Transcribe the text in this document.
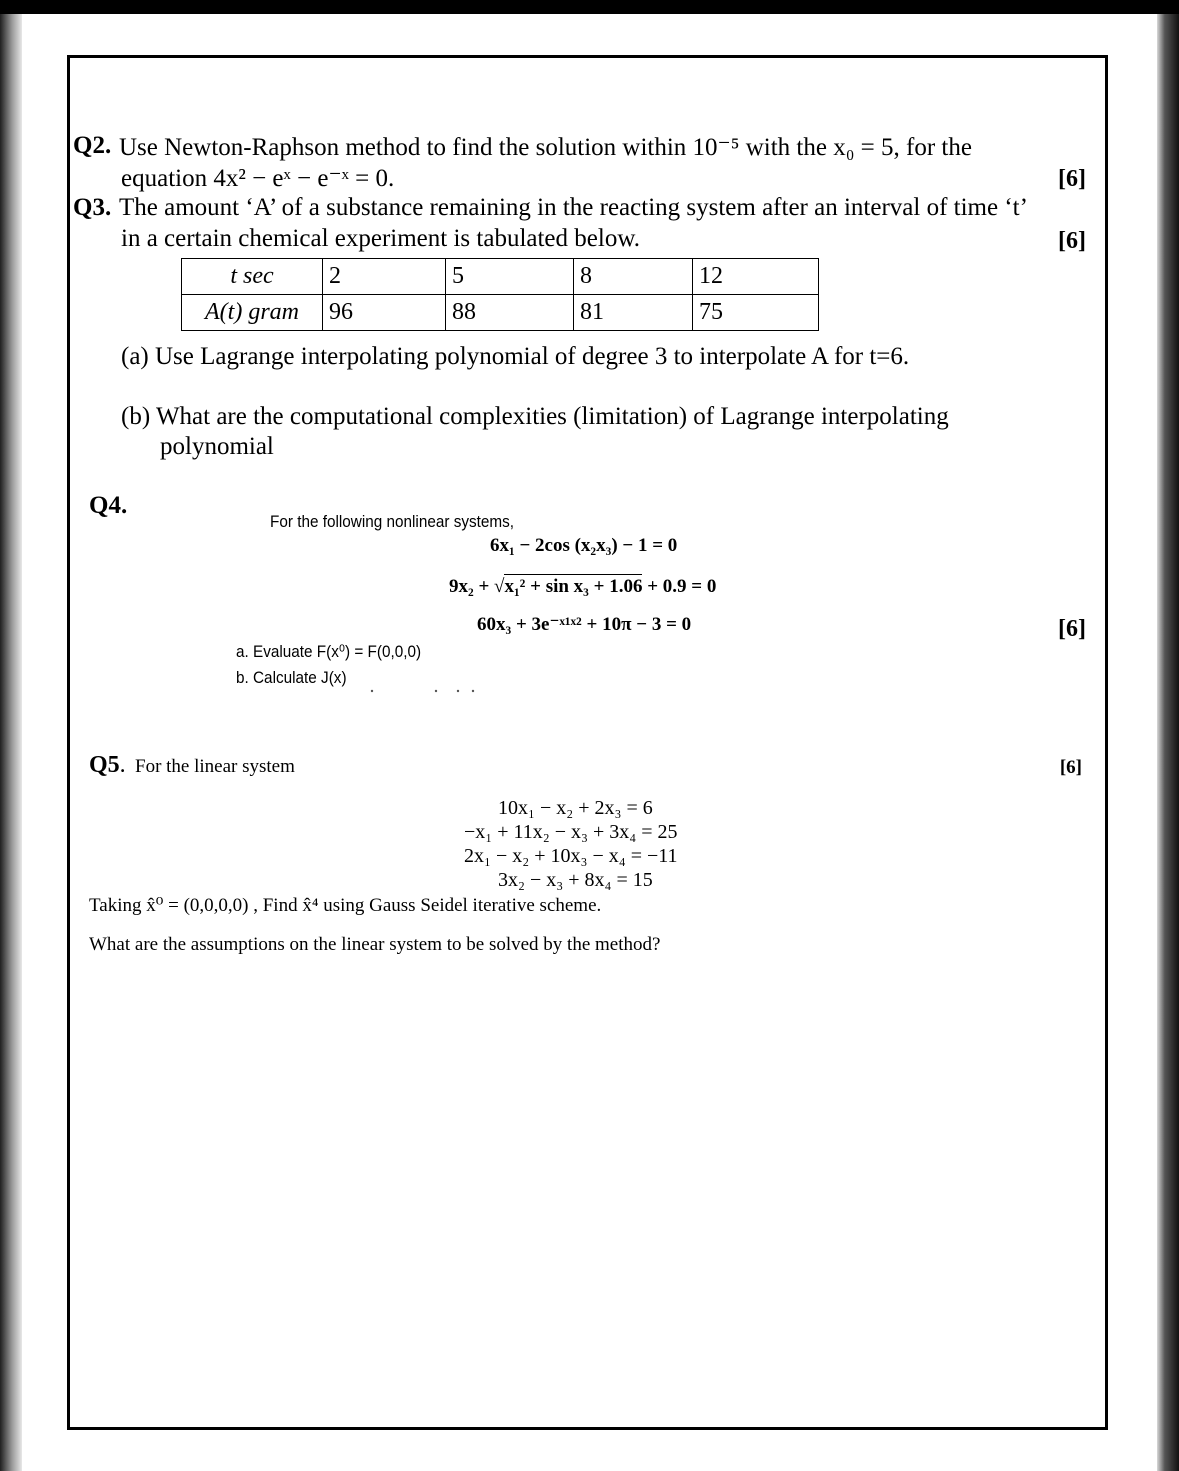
Q2. Use Newton-Raphson method to find the solution within 10⁻⁵ with the x₀ = 5, for the
equation 4x² − eˣ − e⁻ˣ = 0.	[6]
Q3. The amount ‘A’ of a substance remaining in the reacting system after an interval of time ‘t’
in a certain chemical experiment is tabulated below.	[6]
t sec	2	5	8	12
A(t) gram	96	88	81	75
(a) Use Lagrange interpolating polynomial of degree 3 to interpolate A for t=6.
(b) What are the computational complexities (limitation) of Lagrange interpolating
polynomial
Q4.
For the following nonlinear systems,
6x₁ − 2cos (x₂x₃) − 1 = 0
9x₂ + √x₁² + sin x₃ + 1.06 + 0.9 = 0
60x₃ + 3e⁻ˣ¹ˣ² + 10π − 3 = 0	[6]
a. Evaluate F(x⁰) = F(0,0,0)
b. Calculate J(x)
Q5. For the linear system	[6]
10x₁ − x₂ + 2x₃ = 6
−x₁ + 11x₂ − x₃ + 3x₄ = 25
2x₁ − x₂ + 10x₃ − x₄ = −11
3x₂ − x₃ + 8x₄ = 15
Taking x̂⁰ = (0,0,0,0) , Find x̂⁴ using Gauss Seidel iterative scheme.
What are the assumptions on the linear system to be solved by the method?
